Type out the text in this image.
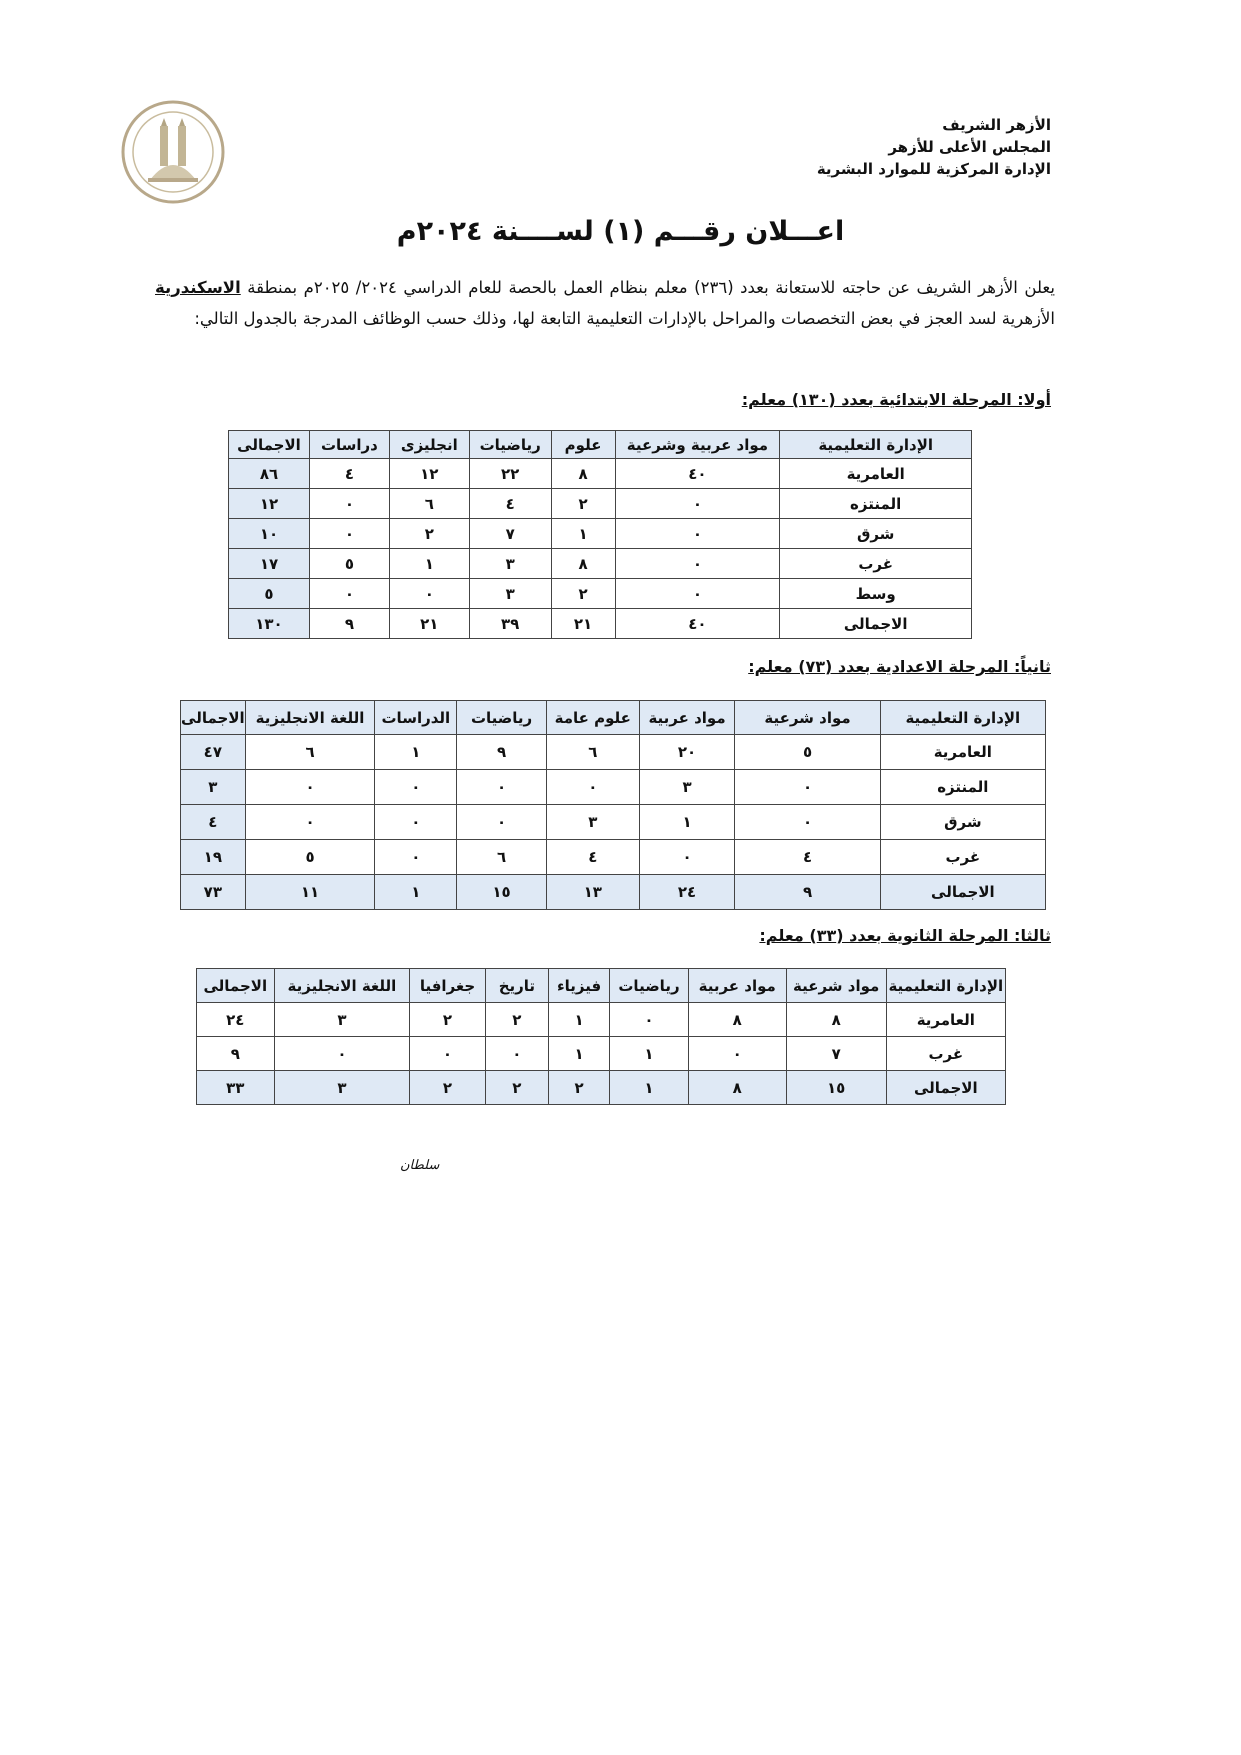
الأزهر الشريف
المجلس الأعلى للأزهر
الإدارة المركزية للموارد البشرية
اعـــلان رقـــم (١) لســــنة ٢٠٢٤م
يعلن الأزهر الشريف عن حاجته للاستعانة بعدد (٢٣٦) معلم بنظام العمل بالحصة للعام الدراسي ٢٠٢٤/ ٢٠٢٥م بمنطقة الاسكندرية الأزهرية لسد العجز في بعض التخصصات والمراحل بالإدارات التعليمية التابعة لها، وذلك حسب الوظائف المدرجة بالجدول التالي:
أولا: المرحلة الابتدائية بعدد (١٣٠) معلم:
الإدارة التعليمية	مواد عربية وشرعية	علوم	رياضيات	انجليزى	دراسات	الاجمالى
العامرية	٤٠	٨	٢٢	١٢	٤	٨٦
المنتزه	٠	٢	٤	٦	٠	١٢
شرق	٠	١	٧	٢	٠	١٠
غرب	٠	٨	٣	١	٥	١٧
وسط	٠	٢	٣	٠	٠	٥
الاجمالى	٤٠	٢١	٣٩	٢١	٩	١٣٠
ثانياً: المرحلة الاعدادية بعدد (٧٣) معلم:
الإدارة التعليمية	مواد شرعية	مواد عربية	علوم عامة	رياضيات	الدراسات	اللغة الانجليزية	الاجمالى
العامرية	٥	٢٠	٦	٩	١	٦	٤٧
المنتزه	٠	٣	٠	٠	٠	٠	٣
شرق	٠	١	٣	٠	٠	٠	٤
غرب	٤	٠	٤	٦	٠	٥	١٩
الاجمالى	٩	٢٤	١٣	١٥	١	١١	٧٣
ثالثا: المرحلة الثانوية بعدد (٣٣) معلم:
الإدارة التعليمية	مواد شرعية	مواد عربية	رياضيات	فيزياء	تاريخ	جغرافيا	اللغة الانجليزية	الاجمالى
العامرية	٨	٨	٠	١	٢	٢	٣	٢٤
غرب	٧	٠	١	١	٠	٠	٠	٩
الاجمالى	١٥	٨	١	٢	٢	٢	٣	٣٣
سلطان
